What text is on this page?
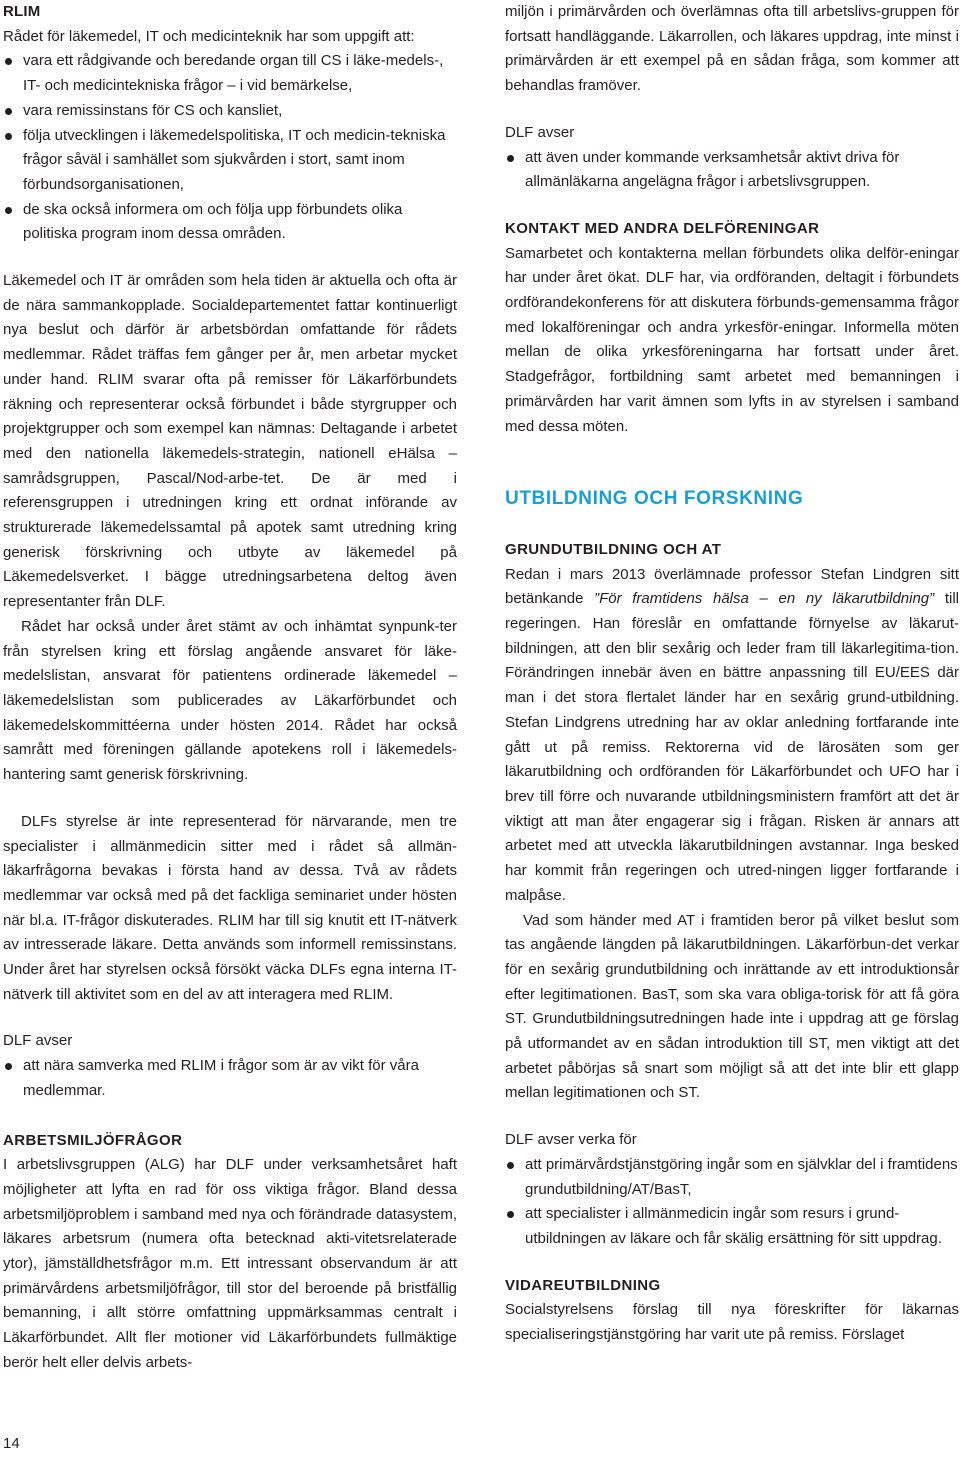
RLIM

Rådet för läkemedel, IT och medicinteknik har som uppgift att:

vara ett rådgivande och beredande organ till CS i läke-medels-, IT- och medicintekniska frågor – i vid bemärkelse,
vara remissinstans för CS och kansliet,
följa utvecklingen i läkemedelspolitiska, IT och medicin-tekniska frågor såväl i samhället som sjukvården i stort, samt inom förbundsorganisationen,
de ska också informera om och följa upp förbundets olika politiska program inom dessa områden.

Läkemedel och IT är områden som hela tiden är aktuella och ofta är de nära sammankopplade. Socialdepartementet fattar kontinuerligt nya beslut och därför är arbetsbördan omfattande för rådets medlemmar. Rådet träffas fem gånger per år, men arbetar mycket under hand. RLIM svarar ofta på remisser för Läkarförbundets räkning och representerar också förbundet i både styrgrupper och projektgrupper och som exempel kan nämnas: Deltagande i arbetet med den nationella läkemedels-strategin, nationell eHälsa – samrådsgruppen, Pascal/Nod-arbe-tet. De är med i referensgruppen i utredningen kring ett ordnat införande av strukturerade läkemedelssamtal på apotek samt utredning kring generisk förskrivning och utbyte av läkemedel på Läkemedelsverket. I bägge utredningsarbetena deltog även representanter från DLF.

Rådet har också under året stämt av och inhämtat synpunk-ter från styrelsen kring ett förslag angående ansvaret för läke-medelslistan, ansvarat för patientens ordinerade läkemedel – läkemedelslistan som publicerades av Läkarförbundet och läkemedelskommittéerna under hösten 2014. Rådet har också samrått med föreningen gällande apotekens roll i läkemedels-hantering samt generisk förskrivning.

DLFs styrelse är inte representerad för närvarande, men tre specialister i allmänmedicin sitter med i rådet så allmän-läkarfrågorna bevakas i första hand av dessa. Två av rådets medlemmar var också med på det fackliga seminariet under hösten när bl.a. IT-frågor diskuterades. RLIM har till sig knutit ett IT-nätverk av intresserade läkare. Detta används som informell remissinstans. Under året har styrelsen också försökt väcka DLFs egna interna IT-nätverk till aktivitet som en del av att interagera med RLIM.

DLF avser

att nära samverka med RLIM i frågor som är av vikt för våra medlemmar.

ARBETSMILJÖFRÅGOR

I arbetslivsgruppen (ALG) har DLF under verksamhetsåret haft möjligheter att lyfta en rad för oss viktiga frågor. Bland dessa arbetsmiljöproblem i samband med nya och förändrade datasystem, läkares arbetsrum (numera ofta betecknad akti-vitetsrelaterade ytor), jämställdhetsfrågor m.m. Ett intressant observandum är att primärvårdens arbetsmiljöfrågor, till stor del beroende på bristfällig bemanning, i allt större omfattning uppmärksammas centralt i Läkarförbundet. Allt fler motioner vid Läkarförbundets fullmäktige berör helt eller delvis arbets-

miljön i primärvården och överlämnas ofta till arbetslivs-gruppen för fortsatt handläggande. Läkarrollen, och läkares uppdrag, inte minst i primärvården är ett exempel på en sådan fråga, som kommer att behandlas framöver.

DLF avser

att även under kommande verksamhetsår aktivt driva för allmänläkarna angelägna frågor i arbetslivsgruppen.

KONTAKT MED ANDRA DELFÖRENINGAR

Samarbetet och kontakterna mellan förbundets olika delför-eningar har under året ökat. DLF har, via ordföranden, deltagit i förbundets ordförandekonferens för att diskutera förbunds-gemensamma frågor med lokalföreningar och andra yrkesför-eningar. Informella möten mellan de olika yrkesföreningarna har fortsatt under året. Stadgefrågor, fortbildning samt arbetet med bemanningen i primärvården har varit ämnen som lyfts in av styrelsen i samband med dessa möten.

UTBILDNING OCH FORSKNING

GRUNDUTBILDNING OCH AT

Redan i mars 2013 överlämnade professor Stefan Lindgren sitt betänkande ”För framtidens hälsa – en ny läkarutbildning” till regeringen. Han föreslår en omfattande förnyelse av läkarut-bildningen, att den blir sexårig och leder fram till läkarlegitima-tion. Förändringen innebär även en bättre anpassning till EU/EES där man i det stora flertalet länder har en sexårig grund-utbildning. Stefan Lindgrens utredning har av oklar anledning fortfarande inte gått ut på remiss. Rektorerna vid de lärosäten som ger läkarutbildning och ordföranden för Läkarförbundet och UFO har i brev till förre och nuvarande utbildningsministern framfört att det är viktigt att man åter engagerar sig i frågan. Risken är annars att arbetet med att utveckla läkarutbildningen avstannar. Inga besked har kommit från regeringen och utred-ningen ligger fortfarande i malpåse.

Vad som händer med AT i framtiden beror på vilket beslut som tas angående längden på läkarutbildningen. Läkarförbun-det verkar för en sexårig grundutbildning och inrättande av ett introduktionsår efter legitimationen. BasT, som ska vara obliga-torisk för att få göra ST. Grundutbildningsutredningen hade inte i uppdrag att ge förslag på utformandet av en sådan introduktion till ST, men viktigt att det arbetet påbörjas så snart som möjligt så att det inte blir ett glapp mellan legitimationen och ST.

DLF avser verka för

att primärvårdstjänstgöring ingår som en självklar del i framtidens grundutbildning/AT/BasT,
att specialister i allmänmedicin ingår som resurs i grund-utbildningen av läkare och får skälig ersättning för sitt uppdrag.

VIDAREUTBILDNING

Socialstyrelsens förslag till nya föreskrifter för läkarnas specialiseringstjänstgöring har varit ute på remiss. Förslaget

14
